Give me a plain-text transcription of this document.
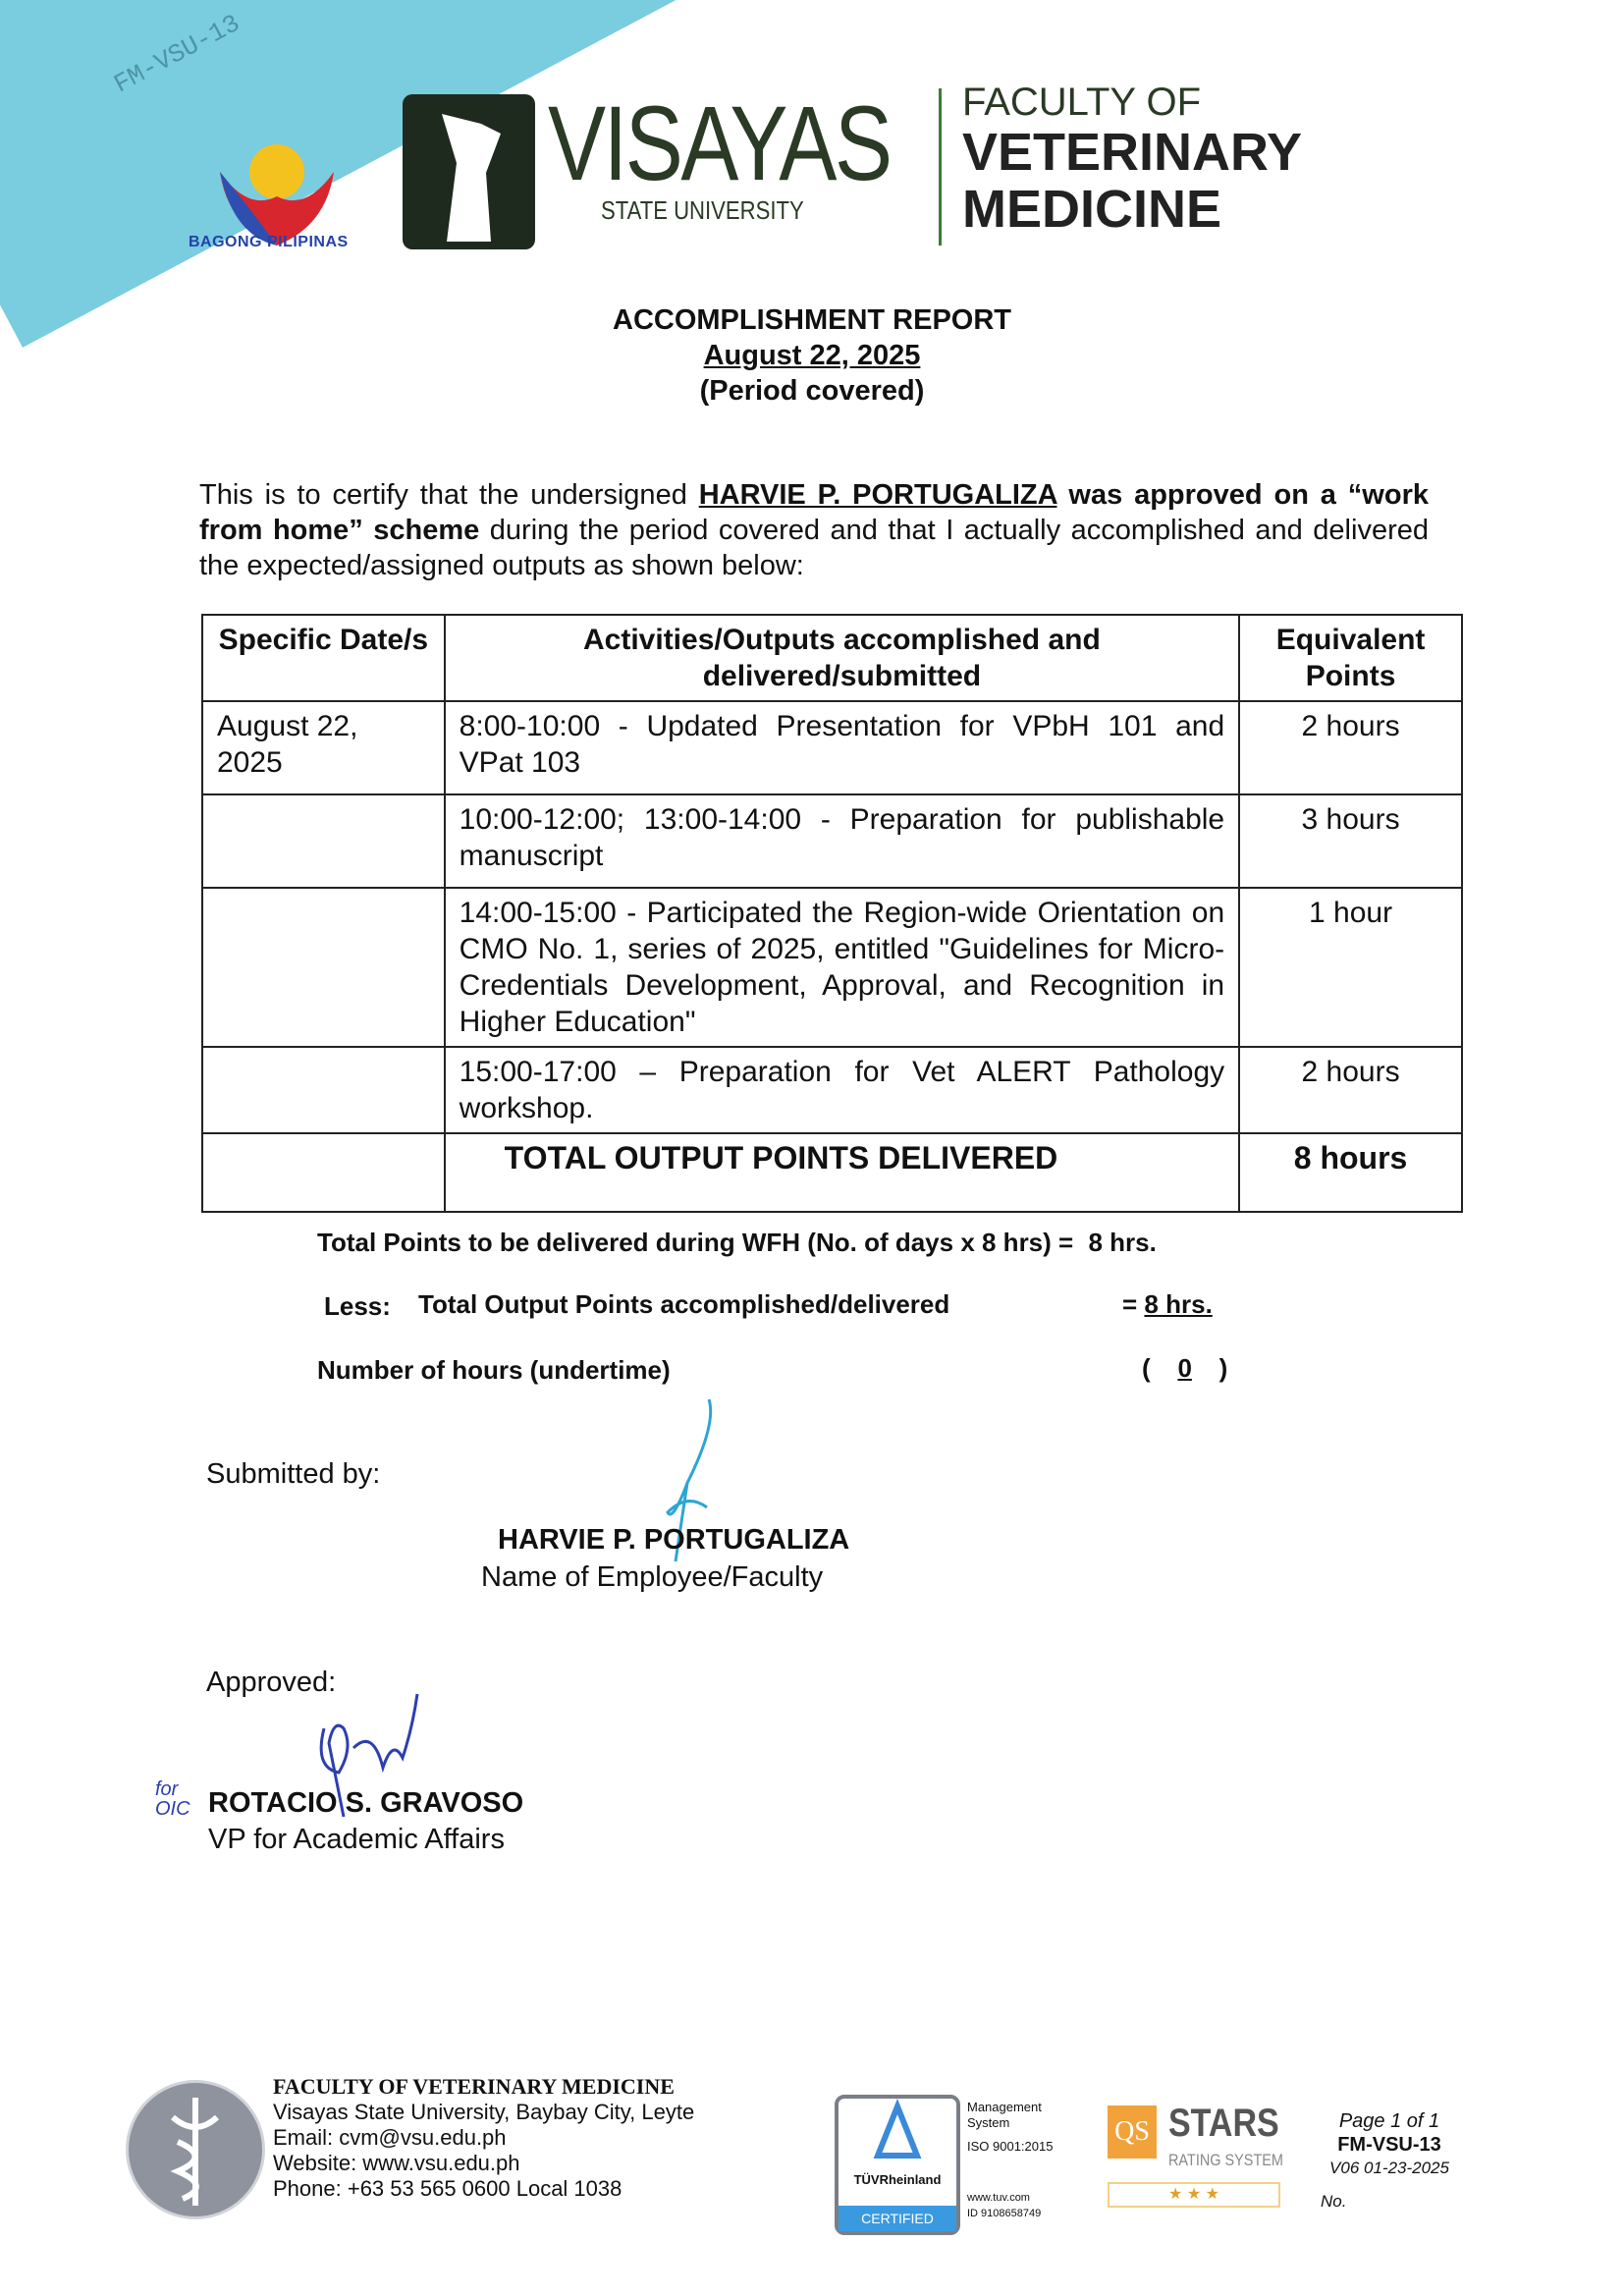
FM-VSU-13
BAGONG PILIPINAS
VISAYAS
STATE UNIVERSITY
FACULTY OF
VETERINARY
MEDICINE
ACCOMPLISHMENT REPORT
August 22, 2025
(Period covered)
This is to certify that the undersigned HARVIE P. PORTUGALIZA was approved on a “work from home” scheme during the period covered and that I actually accomplished and delivered the expected/assigned outputs as shown below:
Specific Date/s	Activities/Outputs accomplished and delivered/submitted	Equivalent Points
August 22, 2025	8:00-10:00 - Updated Presentation for VPbH 101 and VPat 103	2 hours
	10:00-12:00; 13:00-14:00 - Preparation for publishable manuscript	3 hours
	14:00-15:00 - Participated the Region-wide Orientation on CMO No. 1, series of 2025, entitled "Guidelines for Micro-Credentials Development, Approval, and Recognition in Higher Education"	1 hour
	15:00-17:00 – Preparation for Vet ALERT Pathology workshop.	2 hours
	TOTAL OUTPUT POINTS DELIVERED	8 hours
Total Points to be delivered during WFH (No. of days x 8 hrs) = 8 hrs.
Less: Total Output Points accomplished/delivered	= 8 hrs.
Number of hours (undertime)	( 0 )
Submitted by:
HARVIE P. PORTUGALIZA
Name of Employee/Faculty
Approved:
for OIC ROTACIO S. GRAVOSO
VP for Academic Affairs
FACULTY OF VETERINARY MEDICINE
Visayas State University, Baybay City, Leyte
Email: cvm@vsu.edu.ph
Website: www.vsu.edu.ph
Phone: +63 53 565 0600 Local 1038	TÜVRheinland
CERTIFIED
Management System
ISO 9001:2015
www.tuv.com
ID 9108658749
QS STARS
RATING SYSTEM
★ ★ ★
Page 1 of 1
FM-VSU-13
V06 01-23-2025
No.
